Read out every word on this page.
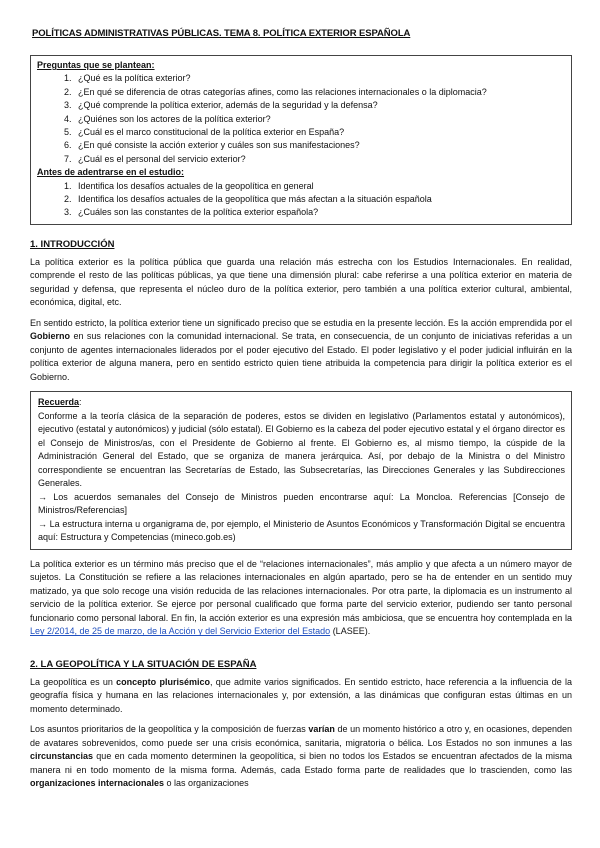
POLÍTICAS ADMINISTRATIVAS PÚBLICAS. TEMA 8. POLÍTICA EXTERIOR ESPAÑOLA
Preguntas que se plantean:
1. ¿Qué es la política exterior?
2. ¿En qué se diferencia de otras categorías afines, como las relaciones internacionales o la diplomacia?
3. ¿Qué comprende la política exterior, además de la seguridad y la defensa?
4. ¿Quiénes son los actores de la política exterior?
5. ¿Cuál es el marco constitucional de la política exterior en España?
6. ¿En qué consiste la acción exterior y cuáles son sus manifestaciones?
7. ¿Cuál es el personal del servicio exterior?
Antes de adentrarse en el estudio:
1. Identifica los desafíos actuales de la geopolítica en general
2. Identifica los desafíos actuales de la geopolítica que más afectan a la situación española
3. ¿Cuáles son las constantes de la política exterior española?
1. INTRODUCCIÓN

La política exterior es la política pública que guarda una relación más estrecha con los Estudios Internacionales. En realidad, comprende el resto de las políticas públicas, ya que tiene una dimensión plural: cabe referirse a una política exterior en materia de seguridad y defensa, que representa el núcleo duro de la política exterior, pero también a una política exterior cultural, ambiental, económica, digital, etc.

En sentido estricto, la política exterior tiene un significado preciso que se estudia en la presente lección. Es la acción emprendida por el Gobierno en sus relaciones con la comunidad internacional. Se trata, en consecuencia, de un conjunto de iniciativas referidas a un conjunto de agentes internacionales liderados por el poder ejecutivo del Estado. El poder legislativo y el poder judicial influirán en la política exterior de alguna manera, pero en sentido estricto quien tiene atribuida la competencia para dirigir la política exterior es el Gobierno.

Recuerda:

Conforme a la teoría clásica de la separación de poderes, estos se dividen en legislativo (Parlamentos estatal y autonómicos), ejecutivo (estatal y autonómicos) y judicial (sólo estatal). El Gobierno es la cabeza del poder ejecutivo estatal y el órgano director es el Consejo de Ministros/as, con el Presidente de Gobierno al frente. El Gobierno es, al mismo tiempo, la cúspide de la Administración General del Estado, que se organiza de manera jerárquica. Así, por debajo de la Ministra o del Ministro correspondiente se encuentran las Secretarías de Estado, las Subsecretarías, las Direcciones Generales y las Subdirecciones Generales.

→ Los acuerdos semanales del Consejo de Ministros pueden encontrarse aquí: La Moncloa. Referencias [Consejo de Ministros/Referencias]

→ La estructura interna u organigrama de, por ejemplo, el Ministerio de Asuntos Económicos y Transformación Digital se encuentra aquí: Estructura y Competencias (mineco.gob.es)

La política exterior es un término más preciso que el de “relaciones internacionales”, más amplio y que afecta a un número mayor de sujetos. La Constitución se refiere a las relaciones internacionales en algún apartado, pero se ha de entender en un sentido muy matizado, ya que solo recoge una visión reducida de las relaciones internacionales. Por otra parte, la diplomacia es un instrumento al servicio de la política exterior. Se ejerce por personal cualificado que forma parte del servicio exterior, pudiendo ser tanto personal funcionario como personal laboral. En fin, la acción exterior es una expresión más ambiciosa, que se encuentra hoy contemplada en la Ley 2/2014, de 25 de marzo, de la Acción y del Servicio Exterior del Estado (LASEE).

2. LA GEOPOLÍTICA Y LA SITUACIÓN DE ESPAÑA

La geopolítica es un concepto plurisémico, que admite varios significados. En sentido estricto, hace referencia a la influencia de la geografía física y humana en las relaciones internacionales y, por extensión, a las dinámicas que configuran estas últimas en un momento determinado.

Los asuntos prioritarios de la geopolítica y la composición de fuerzas varían de un momento histórico a otro y, en ocasiones, dependen de avatares sobrevenidos, como puede ser una crisis económica, sanitaria, migratoria o bélica. Los Estados no son inmunes a las circunstancias que en cada momento determinen la geopolítica, si bien no todos los Estados se encuentran afectados de la misma manera ni en todo momento de la misma forma. Además, cada Estado forma parte de realidades que lo trascienden, como las organizaciones internacionales o las organizaciones
